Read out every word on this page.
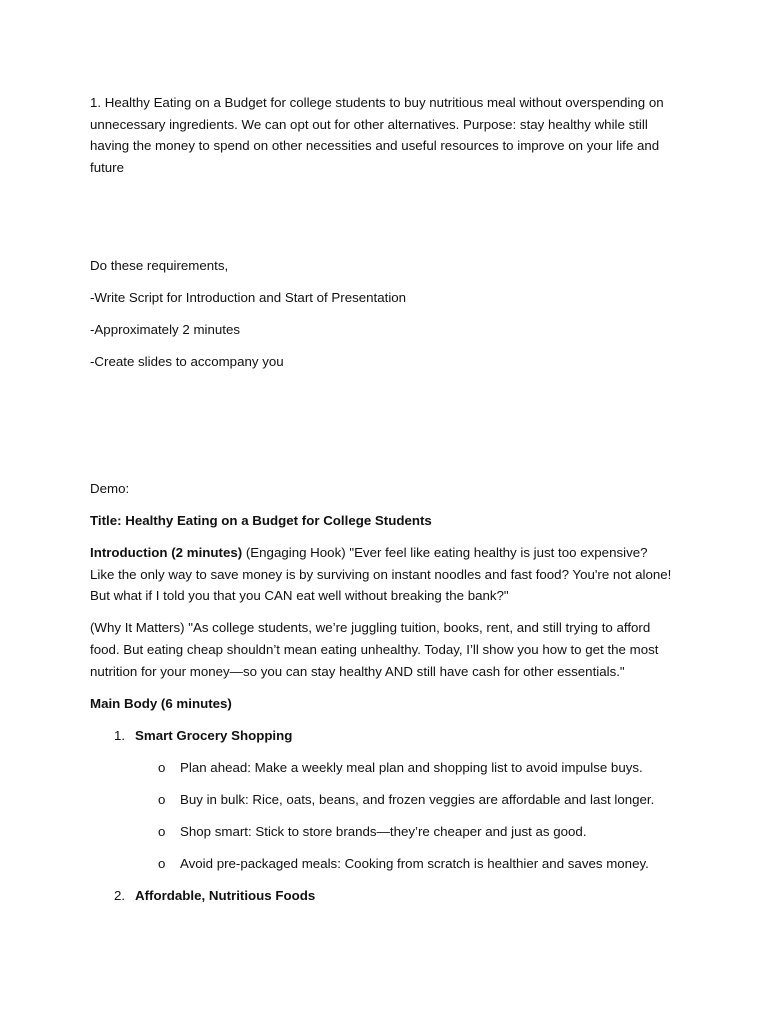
1. Healthy Eating on a Budget for college students to buy nutritious meal without overspending on unnecessary ingredients. We can opt out for other alternatives. Purpose: stay healthy while still having the money to spend on other necessities and useful resources to improve on your life and future

Do these requirements,

-Write Script for Introduction and Start of Presentation

-Approximately 2 minutes

-Create slides to accompany you

Demo:

Title: Healthy Eating on a Budget for College Students

Introduction (2 minutes) (Engaging Hook) "Ever feel like eating healthy is just too expensive? Like the only way to save money is by surviving on instant noodles and fast food? You're not alone! But what if I told you that you CAN eat well without breaking the bank?"

(Why It Matters) "As college students, we’re juggling tuition, books, rent, and still trying to afford food. But eating cheap shouldn’t mean eating unhealthy. Today, I’ll show you how to get the most nutrition for your money—so you can stay healthy AND still have cash for other essentials."

Main Body (6 minutes)

1. Smart Grocery Shopping
o Plan ahead: Make a weekly meal plan and shopping list to avoid impulse buys.
o Buy in bulk: Rice, oats, beans, and frozen veggies are affordable and last longer.
o Shop smart: Stick to store brands—they’re cheaper and just as good.
o Avoid pre-packaged meals: Cooking from scratch is healthier and saves money.
2. Affordable, Nutritious Foods
